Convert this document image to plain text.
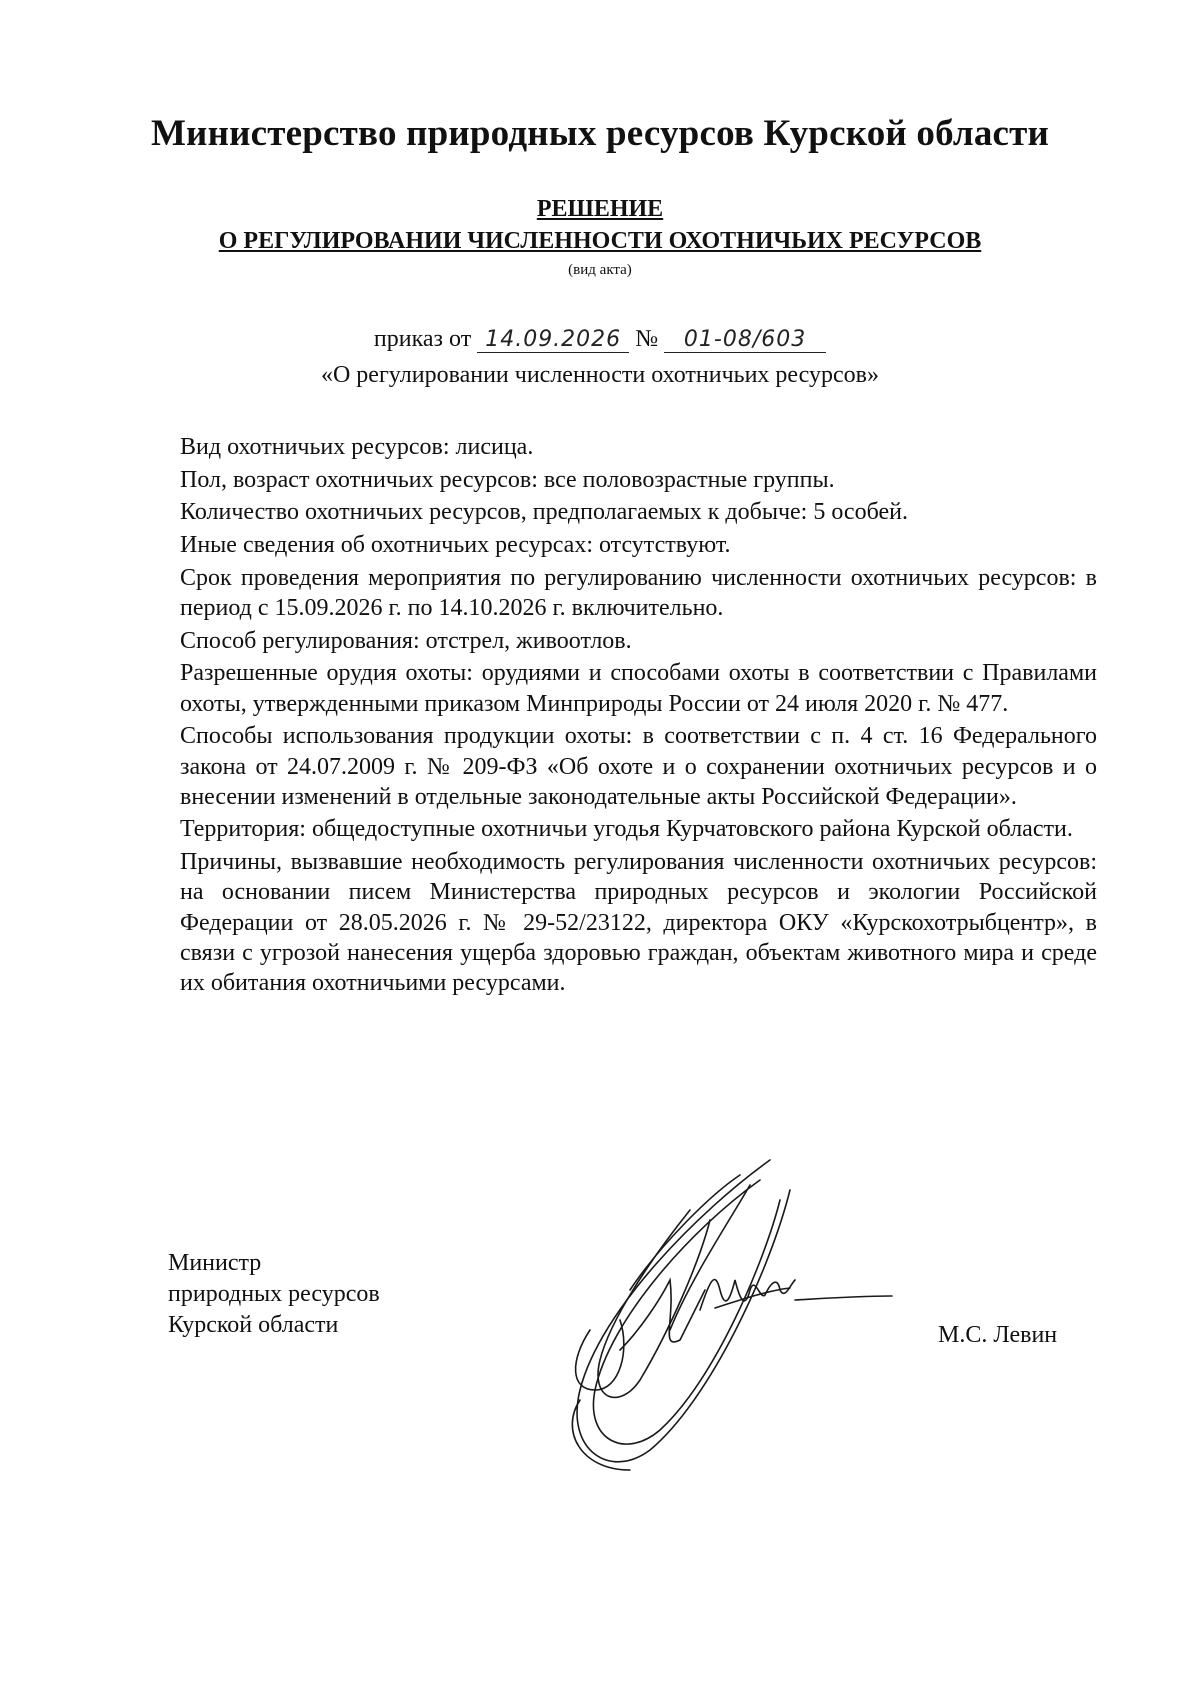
Министерство природных ресурсов Курской области
РЕШЕНИЕ
О РЕГУЛИРОВАНИИ ЧИСЛЕННОСТИ ОХОТНИЧЬИХ РЕСУРСОВ
(вид акта)
приказ от 14.09.2026 № 01-08/603
«О регулировании численности охотничьих ресурсов»

Вид охотничьих ресурсов: лисица.

Пол, возраст охотничьих ресурсов: все половозрастные группы.

Количество охотничьих ресурсов, предполагаемых к добыче: 5 особей.

Иные сведения об охотничьих ресурсах: отсутствуют.

Срок проведения мероприятия по регулированию численности охотничьих ресурсов: в период с 15.09.2026 г. по 14.10.2026 г. включительно.

Способ регулирования: отстрел, живоотлов.

Разрешенные орудия охоты: орудиями и способами охоты в соответствии с Правилами охоты, утвержденными приказом Минприроды России от 24 июля 2020 г. № 477.

Способы использования продукции охоты: в соответствии с п. 4 ст. 16 Федерального закона от 24.07.2009 г. № 209-ФЗ «Об охоте и о сохранении охотничьих ресурсов и о внесении изменений в отдельные законодательные акты Российской Федерации».

Территория: общедоступные охотничьи угодья Курчатовского района Курской области.

Причины, вызвавшие необходимость регулирования численности охотничьих ресурсов: на основании писем Министерства природных ресурсов и экологии Российской Федерации от 28.05.2026 г. № 29-52/23122, директора ОКУ «Курскохотрыбцентр», в связи с угрозой нанесения ущерба здоровью граждан, объектам животного мира и среде их обитания охотничьими ресурсами.

Министр
природных ресурсов
Курской области	М.С. Левин
